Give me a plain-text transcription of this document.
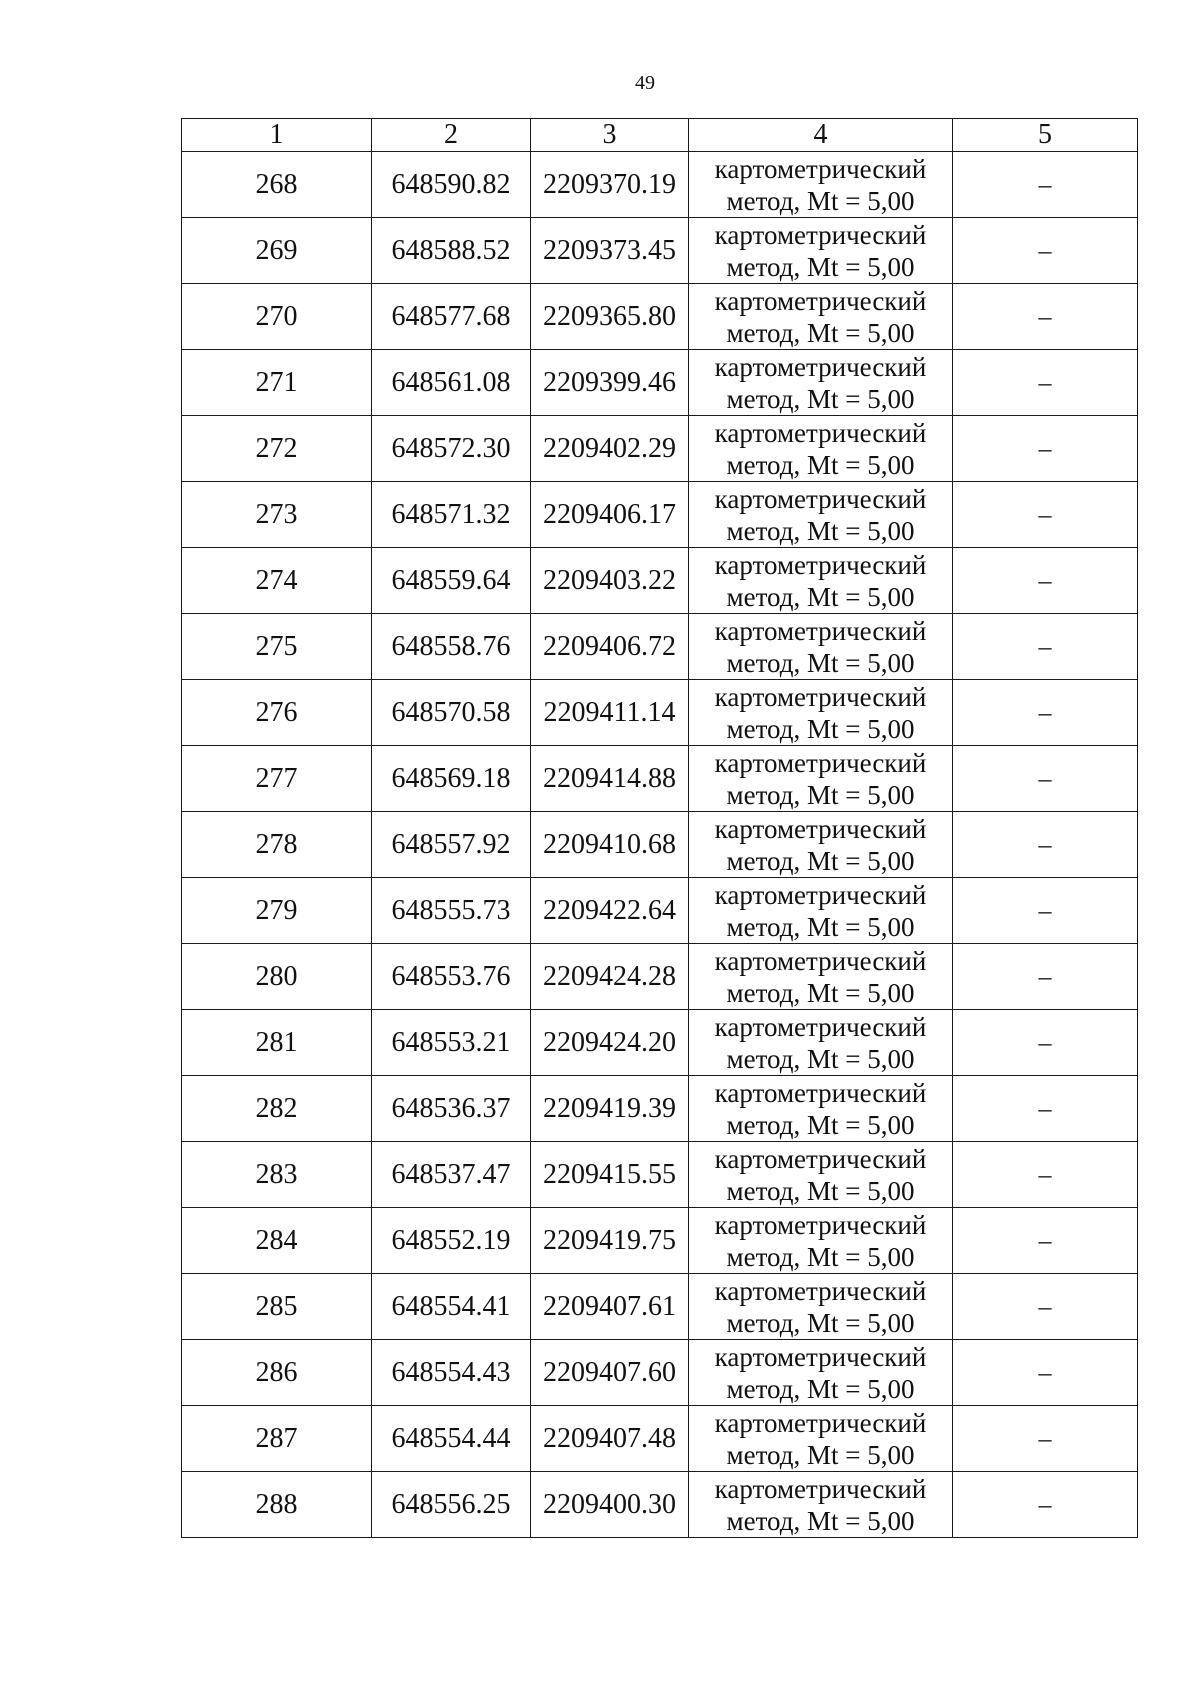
49
1	2	3	4	5
268	648590.82	2209370.19	картометрический
метод, Mt = 5,00	–
269	648588.52	2209373.45	картометрический
метод, Mt = 5,00	–
270	648577.68	2209365.80	картометрический
метод, Mt = 5,00	–
271	648561.08	2209399.46	картометрический
метод, Mt = 5,00	–
272	648572.30	2209402.29	картометрический
метод, Mt = 5,00	–
273	648571.32	2209406.17	картометрический
метод, Mt = 5,00	–
274	648559.64	2209403.22	картометрический
метод, Mt = 5,00	–
275	648558.76	2209406.72	картометрический
метод, Mt = 5,00	–
276	648570.58	2209411.14	картометрический
метод, Mt = 5,00	–
277	648569.18	2209414.88	картометрический
метод, Mt = 5,00	–
278	648557.92	2209410.68	картометрический
метод, Mt = 5,00	–
279	648555.73	2209422.64	картометрический
метод, Mt = 5,00	–
280	648553.76	2209424.28	картометрический
метод, Mt = 5,00	–
281	648553.21	2209424.20	картометрический
метод, Mt = 5,00	–
282	648536.37	2209419.39	картометрический
метод, Mt = 5,00	–
283	648537.47	2209415.55	картометрический
метод, Mt = 5,00	–
284	648552.19	2209419.75	картометрический
метод, Mt = 5,00	–
285	648554.41	2209407.61	картометрический
метод, Mt = 5,00	–
286	648554.43	2209407.60	картометрический
метод, Mt = 5,00	–
287	648554.44	2209407.48	картометрический
метод, Mt = 5,00	–
288	648556.25	2209400.30	картометрический
метод, Mt = 5,00	–
